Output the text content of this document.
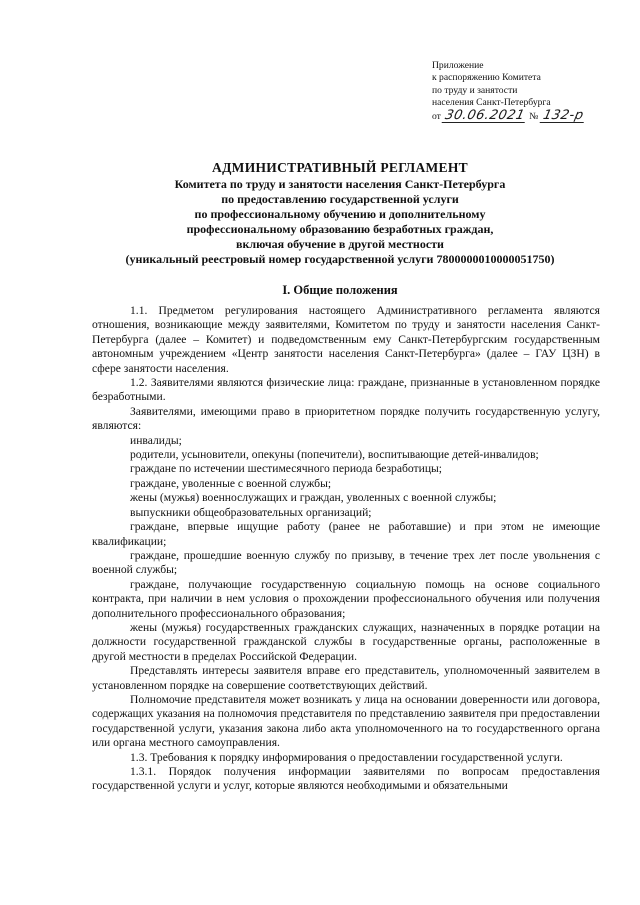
Приложение
к распоряжению Комитета
по труду и занятости
населения Санкт-Петербурга
от 30.06.2021 № 132-р
АДМИНИСТРАТИВНЫЙ РЕГЛАМЕНТ
Комитета по труду и занятости населения Санкт-Петербурга
по предоставлению государственной услуги
по профессиональному обучению и дополнительному
профессиональному образованию безработных граждан,
включая обучение в другой местности
(уникальный реестровый номер государственной услуги 7800000010000051750)
I. Общие положения

1.1. Предметом регулирования настоящего Административного регламента являются отношения, возникающие между заявителями, Комитетом по труду и занятости населения Санкт-Петербурга (далее – Комитет) и подведомственным ему Санкт-Петербургским государственным автономным учреждением «Центр занятости населения Санкт-Петербурга» (далее – ГАУ ЦЗН) в сфере занятости населения.

1.2. Заявителями являются физические лица: граждане, признанные в установленном порядке безработными.

Заявителями, имеющими право в приоритетном порядке получить государственную услугу, являются:

инвалиды;

родители, усыновители, опекуны (попечители), воспитывающие детей-инвалидов;

граждане по истечении шестимесячного периода безработицы;

граждане, уволенные с военной службы;

жены (мужья) военнослужащих и граждан, уволенных с военной службы;

выпускники общеобразовательных организаций;

граждане, впервые ищущие работу (ранее не работавшие) и при этом не имеющие квалификации;

граждане, прошедшие военную службу по призыву, в течение трех лет после увольнения с военной службы;

граждане, получающие государственную социальную помощь на основе социального контракта, при наличии в нем условия о прохождении профессионального обучения или получения дополнительного профессионального образования;

жены (мужья) государственных гражданских служащих, назначенных в порядке ротации на должности государственной гражданской службы в государственные органы, расположенные в другой местности в пределах Российской Федерации.

Представлять интересы заявителя вправе его представитель, уполномоченный заявителем в установленном порядке на совершение соответствующих действий.

Полномочие представителя может возникать у лица на основании доверенности или договора, содержащих указания на полномочия представителя по представлению заявителя при предоставлении государственной услуги, указания закона либо акта уполномоченного на то государственного органа или органа местного самоуправления.

1.3. Требования к порядку информирования о предоставлении государственной услуги.

1.3.1. Порядок получения информации заявителями по вопросам предоставления государственной услуги и услуг, которые являются необходимыми и обязательными
